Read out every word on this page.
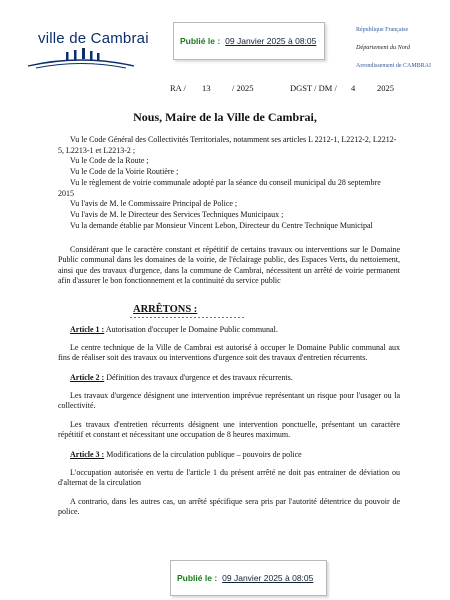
ville de Cambrai	Publié le : 09 Janvier 2025 à 08:05
République Française
Département du Nord
Arrondissement de CAMBRAI
RA / 13	/ 2025	DGST / DM / 4	2025
Nous, Maire de la Ville de Cambrai,

Vu le Code Général des Collectivités Territoriales, notamment ses articles L 2212-1, L2212-2, L2212-5, L2213-1 et L2213-2 ;

Vu le Code de la Route ;

Vu le Code de la Voirie Routière ;

Vu le règlement de voirie communale adopté par la séance du conseil municipal du 28 septembre 2015

Vu l'avis de M. le Commissaire Principal de Police ;

Vu l'avis de M. le Directeur des Services Techniques Municipaux ;

Vu la demande établie par Monsieur Vincent Lebon, Directeur du Centre Technique Municipal

Considérant que le caractère constant et répétitif de certains travaux ou interventions sur le Domaine Public communal dans les domaines de la voirie, de l'éclairage public, des Espaces Verts, du nettoiement, ainsi que des travaux d'urgence, dans la commune de Cambrai, nécessitent un arrêté de voirie permanent afin d'assurer le bon fonctionnement et la continuité du service public

ARRÊTONS :

Article 1 : Autorisation d'occuper le Domaine Public communal.

Le centre technique de la Ville de Cambrai est autorisé à occuper le Domaine Public communal aux fins de réaliser soit des travaux ou interventions d'urgence soit des travaux d'entretien récurrents.

Article 2 : Définition des travaux d'urgence et des travaux récurrents.

Les travaux d'urgence désignent une intervention imprévue représentant un risque pour l'usager ou la collectivité.

Les travaux d'entretien récurrents désignent une intervention ponctuelle, présentant un caractère répétitif et constant et nécessitant une occupation de 8 heures maximum.

Article 3 : Modifications de la circulation publique – pouvoirs de police

L'occupation autorisée en vertu de l'article 1 du présent arrêté ne doit pas entrainer de déviation ou d'alternat de la circulation

A contrario, dans les autres cas, un arrêté spécifique sera pris par l'autorité détentrice du pouvoir de police.

Publié le : 09 Janvier 2025 à 08:05
